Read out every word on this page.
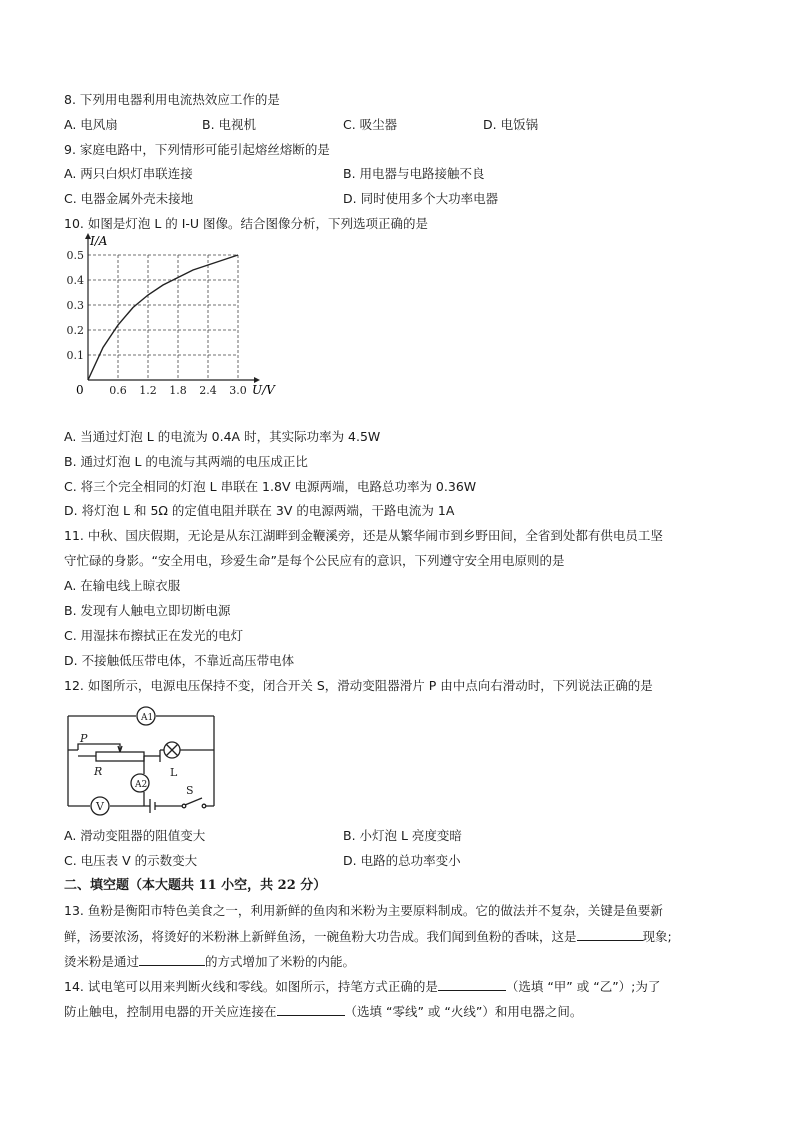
8. 下列用电器利用电流热效应工作的是
A. 电风扇	B. 电视机	C. 吸尘器	D. 电饭锅
9. 家庭电路中，下列情形可能引起熔丝熔断的是
A. 两只白炽灯串联连接	B. 用电器与电路接触不良
C. 电器金属外壳未接地	D. 同时使用多个大功率电器
10. 如图是灯泡 L 的 I-U 图像。结合图像分析，下列选项正确的是
0.6 1.2 1.8 2.4 3.0
0.1
0.2
0.3
0.4
0.5
I/A
U/V
0
A. 当通过灯泡 L 的电流为 0.4A 时，其实际功率为 4.5W
B. 通过灯泡 L 的电流与其两端的电压成正比
C. 将三个完全相同的灯泡 L 串联在 1.8V 电源两端，电路总功率为 0.36W
D. 将灯泡 L 和 5Ω 的定值电阻并联在 3V 的电源两端，干路电流为 1A
11. 中秋、国庆假期，无论是从东江湖畔到金鞭溪旁，还是从繁华闹市到乡野田间，全省到处都有供电员工坚
守忙碌的身影。“安全用电，珍爱生命”是每个公民应有的意识，下列遵守安全用电原则的是
A. 在输电线上晾衣服
B. 发现有人触电立即切断电源
C. 用湿抹布擦拭正在发光的电灯
D. 不接触低压带电体，不靠近高压带电体
12. 如图所示，电源电压保持不变，闭合开关 S，滑动变阻器滑片 P 由中点向右滑动时，下列说法正确的是
A1
A2
V
P
R	L
S
A. 滑动变阻器的阻值变大	B. 小灯泡 L 亮度变暗
C. 电压表 V 的示数变大	D. 电路的总功率变小
二、填空题（本大题共 11 小空，共 22 分）
13. 鱼粉是衡阳市特色美食之一，利用新鲜的鱼肉和米粉为主要原料制成。它的做法并不复杂，关键是鱼要新
鲜，汤要浓汤，将烫好的米粉淋上新鲜鱼汤，一碗鱼粉大功告成。我们闻到鱼粉的香味，这是	现象;
烫米粉是通过	的方式增加了米粉的内能。
14. 试电笔可以用来判断火线和零线。如图所示，持笔方式正确的是	（选填 “甲” 或 “乙”）;为了
防止触电，控制用电器的开关应连接在	（选填 “零线” 或 “火线”）和用电器之间。
